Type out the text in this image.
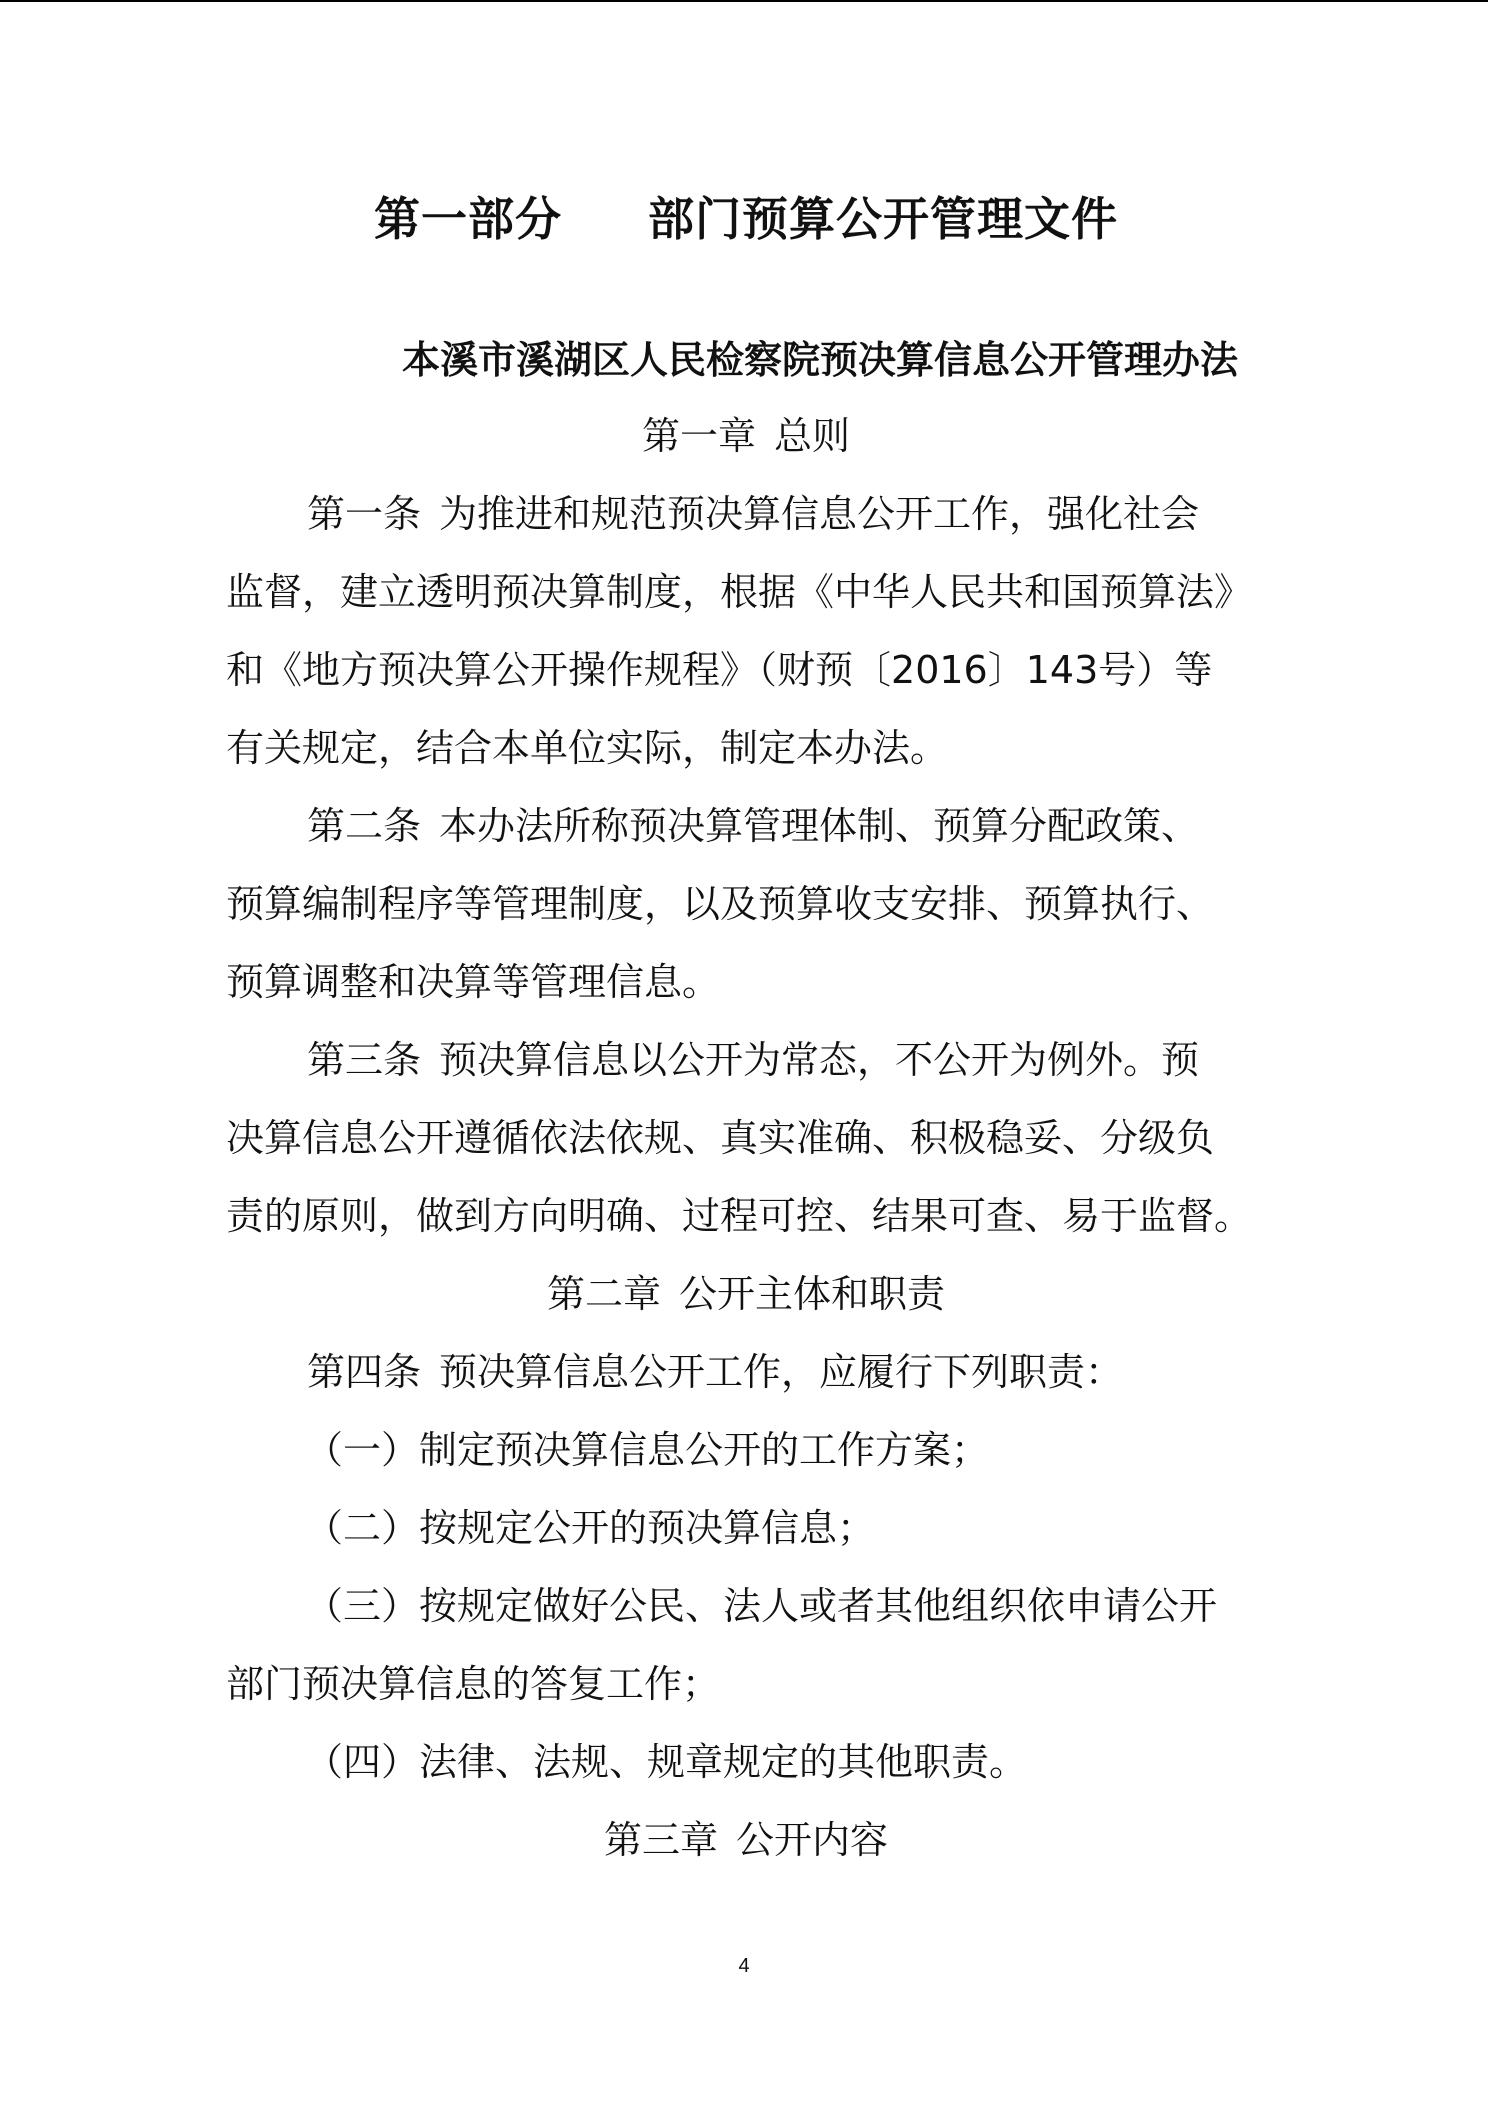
第一部分 部门预算公开管理文件
本溪市溪湖区人民检察院预决算信息公开管理办法
第一章 总则
第一条 为推进和规范预决算信息公开工作，强化社会
监督，建立透明预决算制度，根据《中华人民共和国预算法》
和《地方预决算公开操作规程》（财预〔2016〕143号）等
有关规定，结合本单位实际，制定本办法。
第二条 本办法所称预决算管理体制、预算分配政策、
预算编制程序等管理制度，以及预算收支安排、预算执行、
预算调整和决算等管理信息。
第三条 预决算信息以公开为常态，不公开为例外。预
决算信息公开遵循依法依规、真实准确、积极稳妥、分级负
责的原则，做到方向明确、过程可控、结果可查、易于监督。
第二章 公开主体和职责
第四条 预决算信息公开工作，应履行下列职责：
（一）制定预决算信息公开的工作方案；
（二）按规定公开的预决算信息；
（三）按规定做好公民、法人或者其他组织依申请公开
部门预决算信息的答复工作；
（四）法律、法规、规章规定的其他职责。
第三章 公开内容
4
